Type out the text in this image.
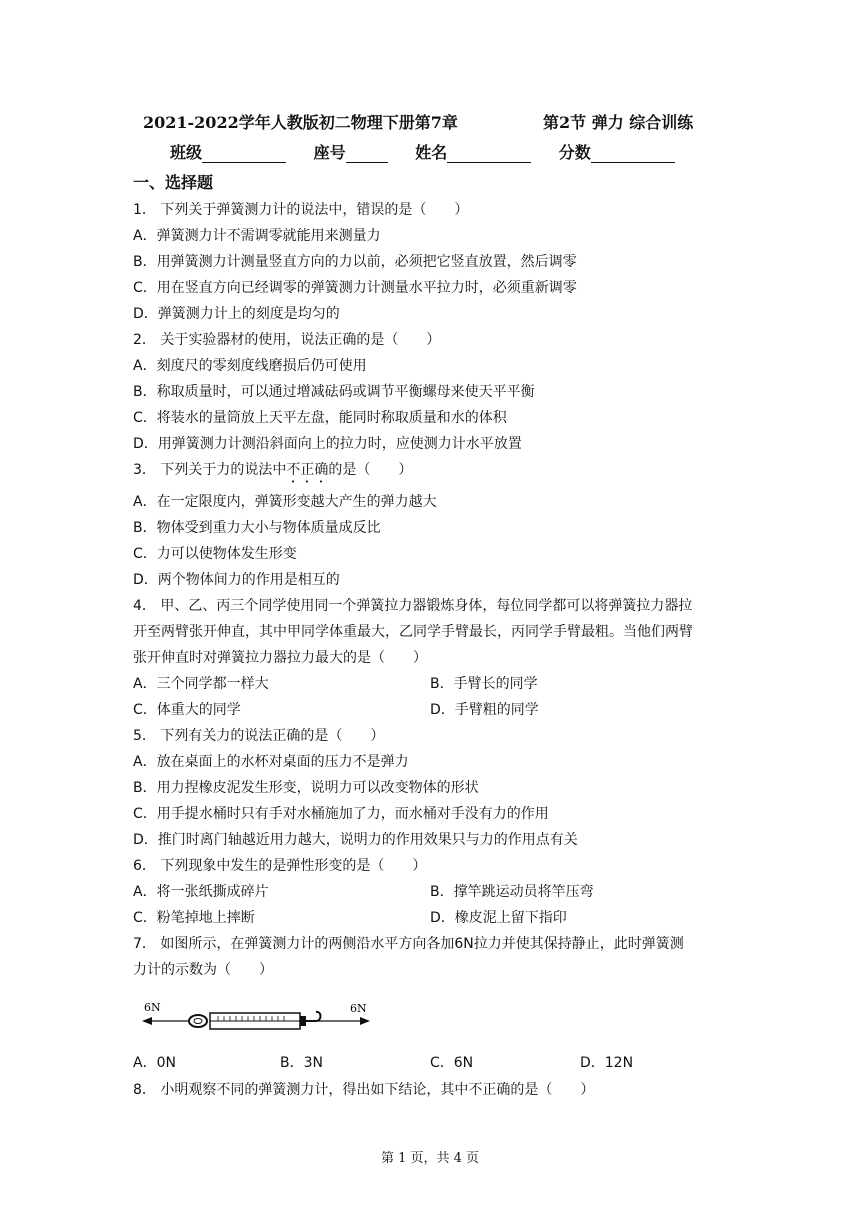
2021-2022学年人教版初二物理下册第7章	第2节 弹力 综合训练
班级	座号	姓名	分数
一、选择题
1． 下列关于弹簧测力计的说法中，错误的是（　　）
A．弹簧测力计不需调零就能用来测量力
B．用弹簧测力计测量竖直方向的力以前，必须把它竖直放置，然后调零
C．用在竖直方向已经调零的弹簧测力计测量水平拉力时，必须重新调零
D．弹簧测力计上的刻度是均匀的
2． 关于实验器材的使用，说法正确的是（　　）
A．刻度尺的零刻度线磨损后仍可使用
B．称取质量时，可以通过增减砝码或调节平衡螺母来使天平平衡
C．将装水的量筒放上天平左盘，能同时称取质量和水的体积
D．用弹簧测力计测沿斜面向上的拉力时，应使测力计水平放置
3． 下列关于力的说法中不正确的是（　　）
A．在一定限度内，弹簧形变越大产生的弹力越大
B．物体受到重力大小与物体质量成反比
C．力可以使物体发生形变
D．两个物体间力的作用是相互的
4． 甲、乙、丙三个同学使用同一个弹簧拉力器锻炼身体，每位同学都可以将弹簧拉力器拉
开至两臂张开伸直，其中甲同学体重最大，乙同学手臂最长，丙同学手臂最粗。当他们两臂
张开伸直时对弹簧拉力器拉力最大的是（　　）
A．三个同学都一样大	B．手臂长的同学
C．体重大的同学	D．手臂粗的同学
5． 下列有关力的说法正确的是（　　）
A．放在桌面上的水杯对桌面的压力不是弹力
B．用力捏橡皮泥发生形变，说明力可以改变物体的形状
C．用手提水桶时只有手对水桶施加了力，而水桶对手没有力的作用
D．推门时离门轴越近用力越大，说明力的作用效果只与力的作用点有关
6． 下列现象中发生的是弹性形变的是（　　）
A．将一张纸撕成碎片	B．撑竿跳运动员将竿压弯
C．粉笔掉地上摔断	D．橡皮泥上留下指印
7． 如图所示，在弹簧测力计的两侧沿水平方向各加6N拉力并使其保持静止，此时弹簧测
力计的示数为（　　）
6N	6N
A．0N	B．3N	C．6N	D．12N
8． 小明观察不同的弹簧测力计，得出如下结论，其中不正确的是（　　）
第 1 页，共 4 页
